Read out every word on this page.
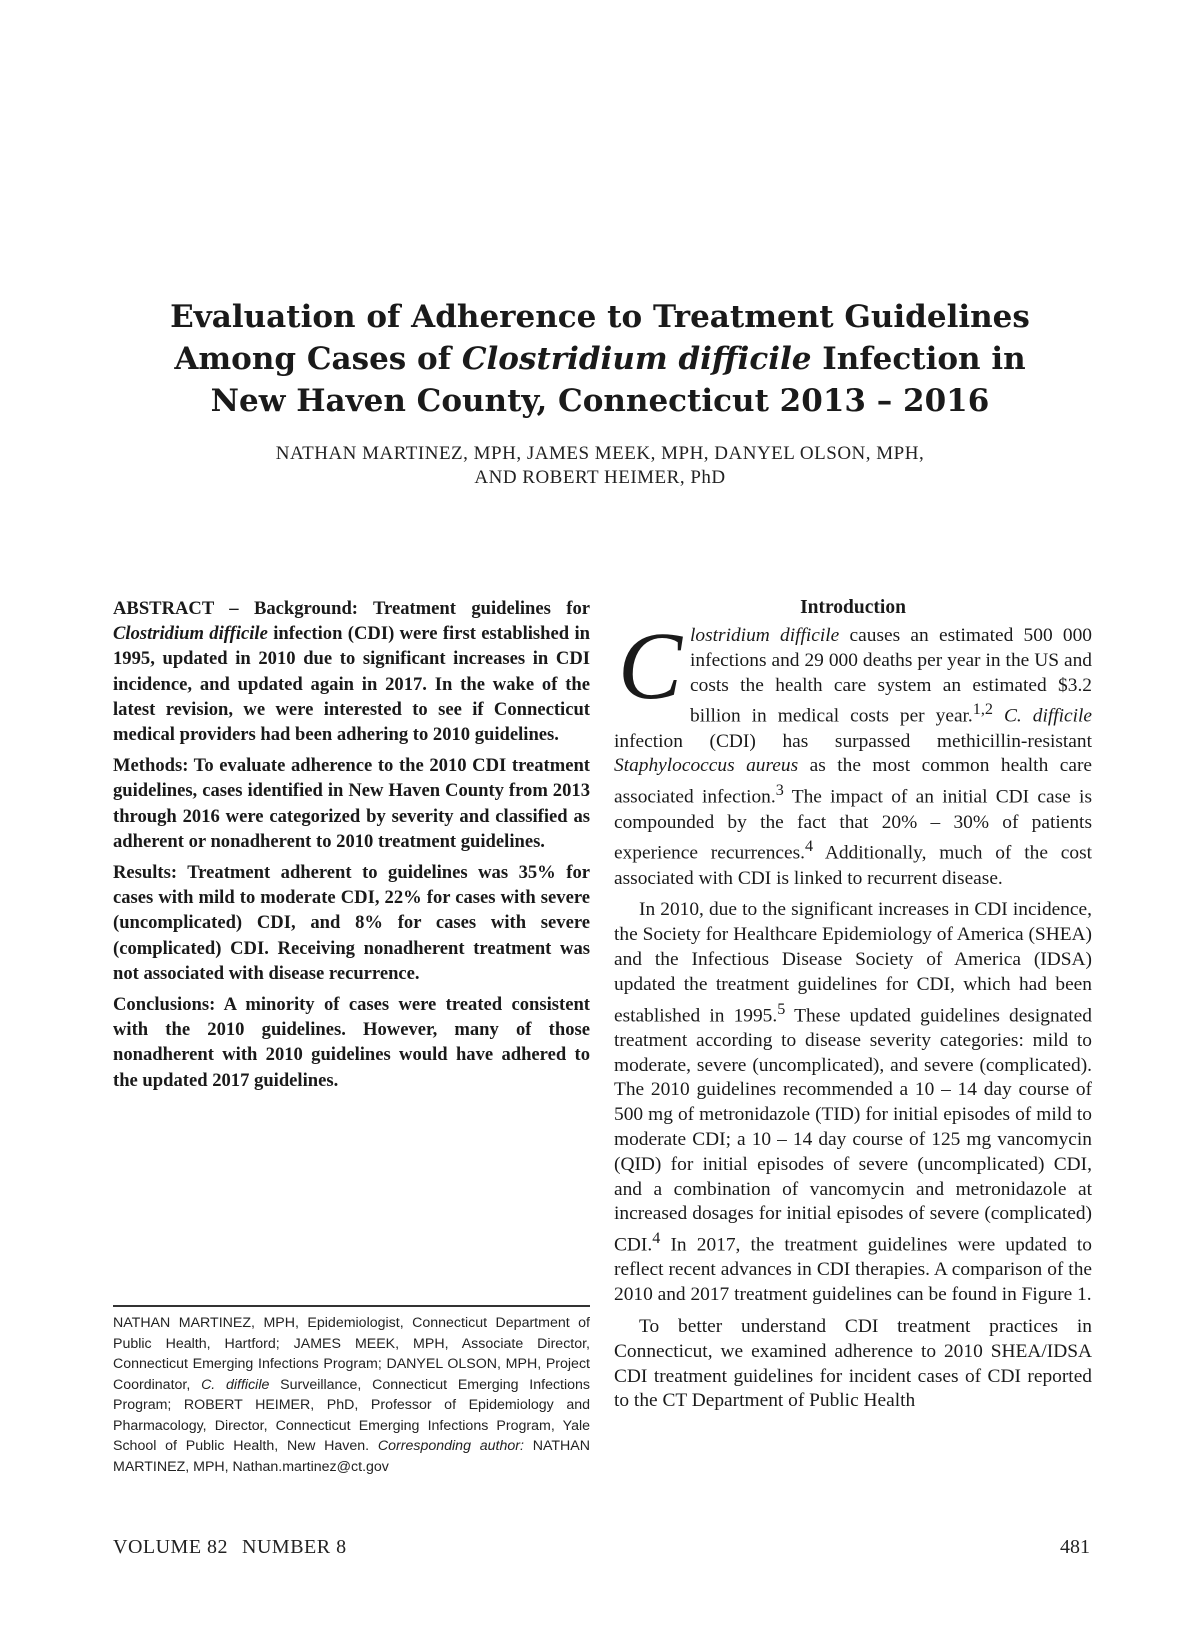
Evaluation of Adherence to Treatment Guidelines
Among Cases of Clostridium difficile Infection in
New Haven County, Connecticut 2013 – 2016
NATHAN MARTINEZ, MPH, JAMES MEEK, MPH, DANYEL OLSON, MPH,
AND ROBERT HEIMER, PhD

ABSTRACT – Background: Treatment guidelines for Clostridium difficile infection (CDI) were first established in 1995, updated in 2010 due to significant increases in CDI incidence, and updated again in 2017. In the wake of the latest revision, we were interested to see if Connecticut medical providers had been adhering to 2010 guidelines.

Methods: To evaluate adherence to the 2010 CDI treatment guidelines, cases identified in New Haven County from 2013 through 2016 were categorized by severity and classified as adherent or nonadherent to 2010 treatment guidelines.

Results: Treatment adherent to guidelines was 35% for cases with mild to moderate CDI, 22% for cases with severe (uncomplicated) CDI, and 8% for cases with severe (complicated) CDI. Receiving nonadherent treatment was not associated with disease recurrence.

Conclusions: A minority of cases were treated consistent with the 2010 guidelines. However, many of those nonadherent with 2010 guidelines would have adhered to the updated 2017 guidelines.

NATHAN MARTINEZ, MPH, Epidemiologist, Connecticut Department of Public Health, Hartford; JAMES MEEK, MPH, Associate Director, Connecticut Emerging Infections Program; DANYEL OLSON, MPH, Project Coordinator, C. difficile Surveillance, Connecticut Emerging Infections Program; ROBERT HEIMER, PhD, Professor of Epidemiology and Pharmacology, Director, Connecticut Emerging Infections Program, Yale School of Public Health, New Haven. Corresponding author: NATHAN MARTINEZ, MPH, Nathan.martinez@ct.gov

Introduction

Clostridium difficile causes an estimated 500 000 infections and 29 000 deaths per year in the US and costs the health care system an estimated $3.2 billion in medical costs per year.$^{1,2}$ C. difficile infection (CDI) has surpassed methicillin-resistant Staphylococcus aureus as the most common health care associated infection.$^3$ The impact of an initial CDI case is compounded by the fact that 20% – 30% of patients experience recurrences.$^4$ Additionally, much of the cost associated with CDI is linked to recurrent disease.

In 2010, due to the significant increases in CDI incidence, the Society for Healthcare Epidemiology of America (SHEA) and the Infectious Disease Society of America (IDSA) updated the treatment guidelines for CDI, which had been established in 1995.$^5$ These updated guidelines designated treatment according to disease severity categories: mild to moderate, severe (uncomplicated), and severe (complicated). The 2010 guidelines recommended a 10 – 14 day course of 500 mg of metronidazole (TID) for initial episodes of mild to moderate CDI; a 10 – 14 day course of 125 mg vancomycin (QID) for initial episodes of severe (uncomplicated) CDI, and a combination of vancomycin and metronidazole at increased dosages for initial episodes of severe (complicated) CDI.$^4$ In 2017, the treatment guidelines were updated to reflect recent advances in CDI therapies. A comparison of the 2010 and 2017 treatment guidelines can be found in Figure 1.

To better understand CDI treatment practices in Connecticut, we examined adherence to 2010 SHEA/IDSA CDI treatment guidelines for incident cases of CDI reported to the CT Department of Public Health

VOLUME 82 NUMBER 8	481
